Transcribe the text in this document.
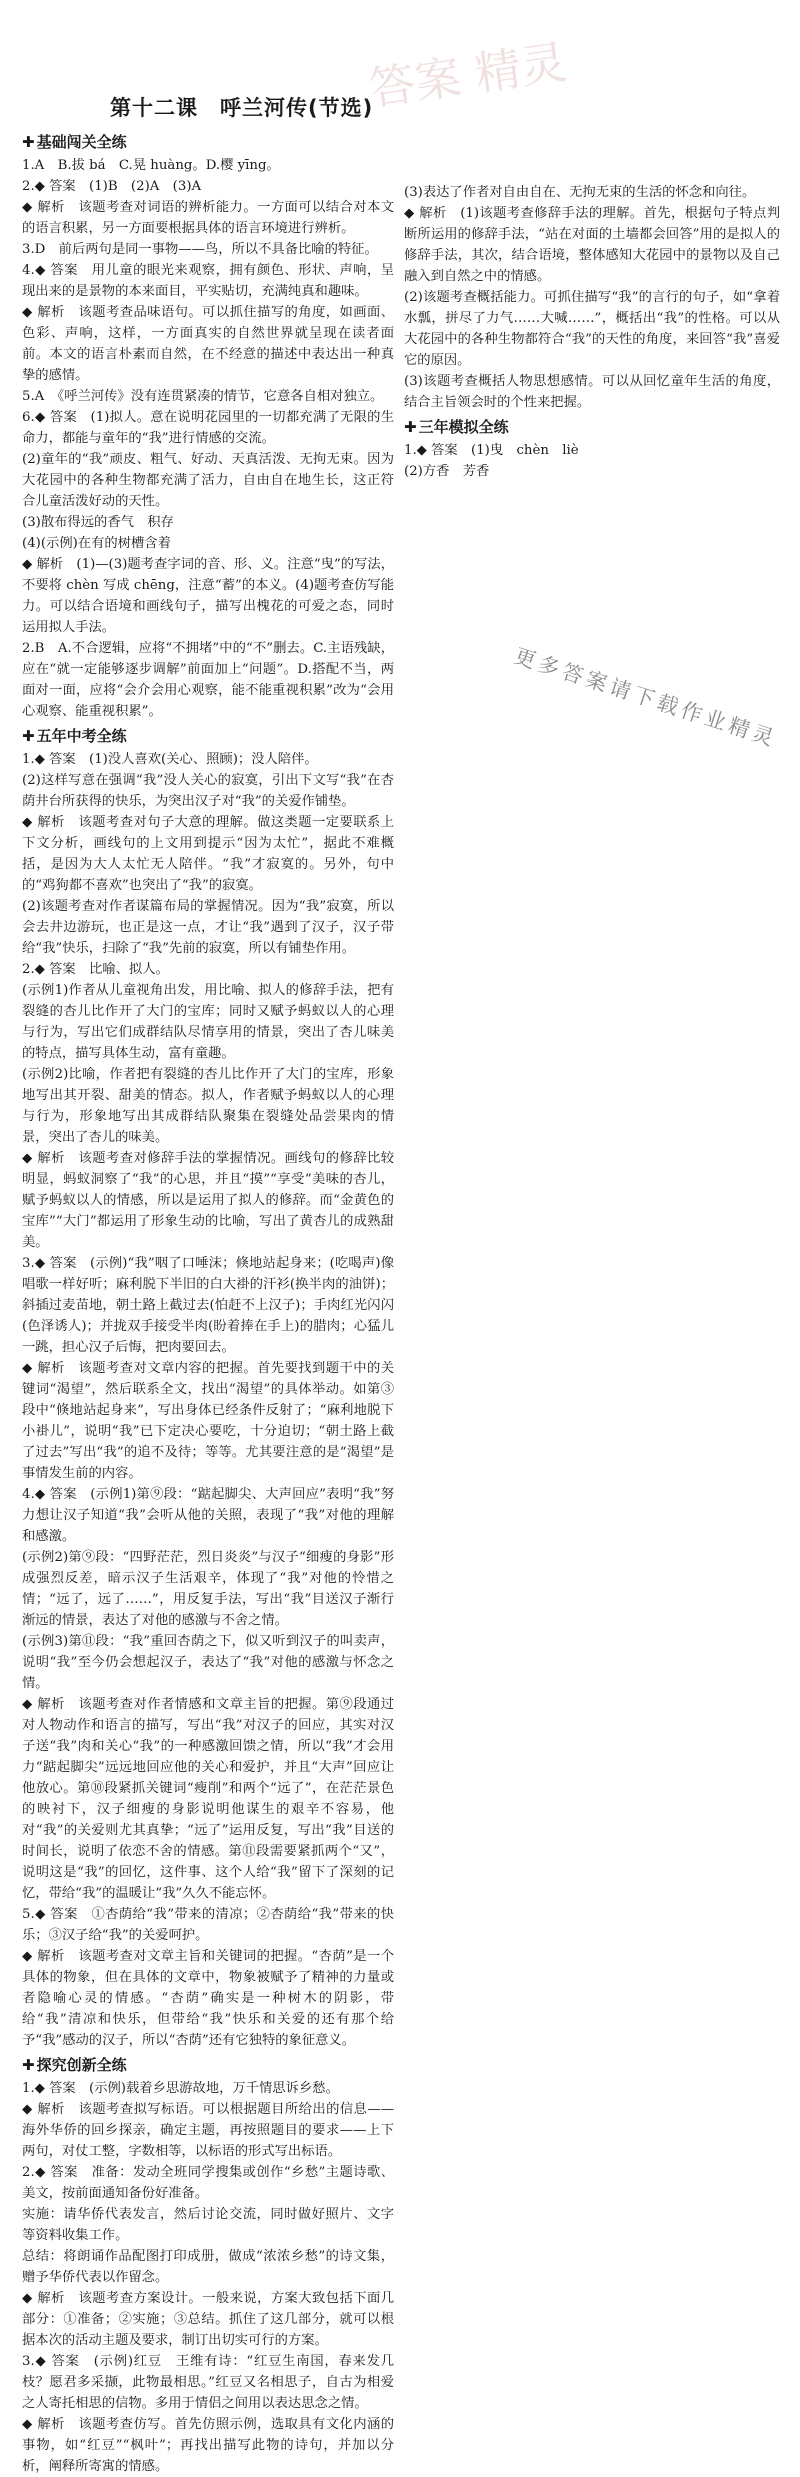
答案 精灵
第十二课　呼兰河传(节选)
✚ 基础闯关全练

1.A　B.拔 bá　C.晃 huàng。D.樱 yīng。

2.◆ 答案　(1)B　(2)A　(3)A

◆ 解析　该题考查对词语的辨析能力。一方面可以结合对本文的语言积累，另一方面要根据具体的语言环境进行辨析。

3.D　前后两句是同一事物——鸟，所以不具备比喻的特征。

4.◆ 答案　用儿童的眼光来观察，拥有颜色、形状、声响，呈现出来的是景物的本来面目，平实贴切，充满纯真和趣味。

◆ 解析　该题考查品味语句。可以抓住描写的角度，如画面、色彩、声响，这样，一方面真实的自然世界就呈现在读者面前。本文的语言朴素而自然，在不经意的描述中表达出一种真挚的感情。

5.A　《呼兰河传》没有连贯紧凑的情节，它意各自相对独立。

6.◆ 答案　(1)拟人。意在说明花园里的一切都充满了无限的生命力，都能与童年的“我”进行情感的交流。

(2)童年的“我”顽皮、粗气、好动、天真活泼、无拘无束。因为大花园中的各种生物都充满了活力，自由自在地生长，这正符合儿童活泼好动的天性。

(3)散布得远的香气　积存

(4)(示例)在有的树槽含着

◆ 解析　(1)—(3)题考查字词的音、形、义。注意“曳”的写法，不要将 chèn 写成 chēng，注意“蓄”的本义。(4)题考查仿写能力。可以结合语境和画线句子，描写出槐花的可爱之态，同时运用拟人手法。

2.B　A.不合逻辑，应将“不拥堵”中的“不”删去。C.主语残缺，应在“就一定能够逐步调解”前面加上“问题”。D.搭配不当，两面对一面，应将“会介会用心观察，能不能重视积累”改为“会用心观察、能重视积累”。

✚ 五年中考全练

1.◆ 答案　(1)没人喜欢(关心、照顾)；没人陪伴。

(2)这样写意在强调“我”没人关心的寂寞，引出下文写“我”在杏荫井台所获得的快乐，为突出汉子对“我”的关爱作铺垫。

◆ 解析　该题考查对句子大意的理解。做这类题一定要联系上下文分析，画线句的上文用到提示“因为太忙”，据此不难概括，是因为大人太忙无人陪伴。“我”才寂寞的。另外，句中的“鸡狗都不喜欢”也突出了“我”的寂寞。

(2)该题考查对作者谋篇布局的掌握情况。因为“我”寂寞，所以会去井边游玩，也正是这一点，才让“我”遇到了汉子，汉子带给“我”快乐，扫除了“我”先前的寂寞，所以有铺垫作用。

2.◆ 答案　比喻、拟人。

(示例1)作者从儿童视角出发，用比喻、拟人的修辞手法，把有裂缝的杏儿比作开了大门的宝库；同时又赋予蚂蚁以人的心理与行为，写出它们成群结队尽情享用的情景，突出了杏儿味美的特点，描写具体生动，富有童趣。

(示例2)比喻，作者把有裂缝的杏儿比作开了大门的宝库，形象地写出其开裂、甜美的情态。拟人，作者赋予蚂蚁以人的心理与行为，形象地写出其成群结队聚集在裂缝处品尝果肉的情景，突出了杏儿的味美。

◆ 解析　该题考查对修辞手法的掌握情况。画线句的修辞比较明显，蚂蚁洞察了“我”的心思，并且“摸”“享受”美味的杏儿，赋予蚂蚁以人的情感，所以是运用了拟人的修辞。而“金黄色的宝库”“大门”都运用了形象生动的比喻，写出了黄杏儿的成熟甜美。

3.◆ 答案　(示例)“我”咽了口唾沫；倏地站起身来；(吃喝声)像唱歌一样好听；麻利脱下半旧的白大褂的汗衫(换半肉的油饼)；斜插过麦苗地，朝土路上截过去(怕赶不上汉子)；手肉红光闪闪(色泽诱人)；并拢双手接受半肉(盼着捧在手上)的腊肉；心猛儿一跳，担心汉子后悔，把肉要回去。

◆ 解析　该题考查对文章内容的把握。首先要找到题干中的关键词“渴望”，然后联系全文，找出“渴望”的具体举动。如第③段中“倏地站起身来”，写出身体已经条件反射了；“麻利地脱下小褂儿”，说明“我”已下定决心要吃，十分迫切；“朝土路上截了过去”写出“我”的追不及待；等等。尤其要注意的是“渴望”是事情发生前的内容。

4.◆ 答案　(示例1)第⑨段：“踮起脚尖、大声回应”表明“我”努力想让汉子知道“我”会听从他的关照，表现了“我”对他的理解和感激。

(示例2)第⑨段：“四野茫茫，烈日炎炎”与汉子“细瘦的身影”形成强烈反差，暗示汉子生活艰辛，体现了“我”对他的怜惜之情；“远了，远了……”，用反复手法，写出“我”目送汉子渐行渐远的情景，表达了对他的感激与不舍之情。

(示例3)第⑪段：“我”重回杏荫之下，似又听到汉子的叫卖声，说明“我”至今仍会想起汉子，表达了“我”对他的感激与怀念之情。

◆ 解析　该题考查对作者情感和文章主旨的把握。第⑨段通过对人物动作和语言的描写，写出“我”对汉子的回应，其实对汉子送“我”肉和关心“我”的一种感激回馈之情，所以“我”才会用力“踮起脚尖”远远地回应他的关心和爱护，并且“大声”回应让他放心。第⑩段紧抓关键词“瘦削”和两个“远了”，在茫茫景色的映衬下，汉子细瘦的身影说明他谋生的艰辛不容易，他对“我”的关爱则尤其真挚；“远了”运用反复，写出“我”目送的时间长，说明了依恋不舍的情感。第⑪段需要紧抓两个“又”，说明这是“我”的回忆，这件事、这个人给“我”留下了深刻的记忆，带给“我”的温暖让“我”久久不能忘怀。

5.◆ 答案　①杏荫给“我”带来的清凉；②杏荫给“我”带来的快乐；③汉子给“我”的关爱呵护。

◆ 解析　该题考查对文章主旨和关键词的把握。“杏荫”是一个具体的物象，但在具体的文章中，物象被赋予了精神的力量或者隐喻心灵的情感。“杏荫”确实是一种树木的阴影，带给“我”清凉和快乐，但带给“我”快乐和关爱的还有那个给予“我”感动的汉子，所以“杏荫”还有它独特的象征意义。

✚ 探究创新全练

1.◆ 答案　(示例)载着乡思游故地，万千情思诉乡愁。

◆ 解析　该题考查拟写标语。可以根据题目所给出的信息——海外华侨的回乡探亲，确定主题，再按照题目的要求——上下两句，对仗工整，字数相等，以标语的形式写出标语。

2.◆ 答案　准备：发动全班同学搜集或创作“乡愁”主题诗歌、美文，按前面通知备份好准备。

实施：请华侨代表发言，然后讨论交流，同时做好照片、文字等资料收集工作。

总结：将朗诵作品配图打印成册，做成“浓浓乡愁”的诗文集，赠予华侨代表以作留念。

◆ 解析　该题考查方案设计。一般来说，方案大致包括下面几部分：①准备；②实施；③总结。抓住了这几部分，就可以根据本次的活动主题及要求，制订出切实可行的方案。

3.◆ 答案　(示例)红豆　王维有诗：“红豆生南国，春来发几枝？愿君多采撷，此物最相思。”红豆又名相思子，自古为相爱之人寄托相思的信物。多用于情侣之间用以表达思念之情。

◆ 解析　该题考查仿写。首先仿照示例，选取具有文化内涵的事物，如“红豆”“枫叶”；再找出描写此物的诗句，并加以分析，阐释所寄寓的情感。

(3)表达了作者对自由自在、无拘无束的生活的怀念和向往。

◆ 解析　(1)该题考查修辞手法的理解。首先，根据句子特点判断所运用的修辞手法，“站在对面的土墙都会回答”用的是拟人的修辞手法，其次，结合语境，整体感知大花园中的景物以及自己融入到自然之中的情感。

(2)该题考查概括能力。可抓住描写“我”的言行的句子，如“拿着水瓢，拼尽了力气……大喊……”，概括出“我”的性格。可以从大花园中的各种生物都符合“我”的天性的角度，来回答“我”喜爱它的原因。

(3)该题考查概括人物思想感情。可以从回忆童年生活的角度，结合主旨领会时的个性来把握。

✚ 三年模拟全练

1.◆ 答案　(1)曳　chèn　liè

(2)方香　芳香

更多答案请下载作业精灵
